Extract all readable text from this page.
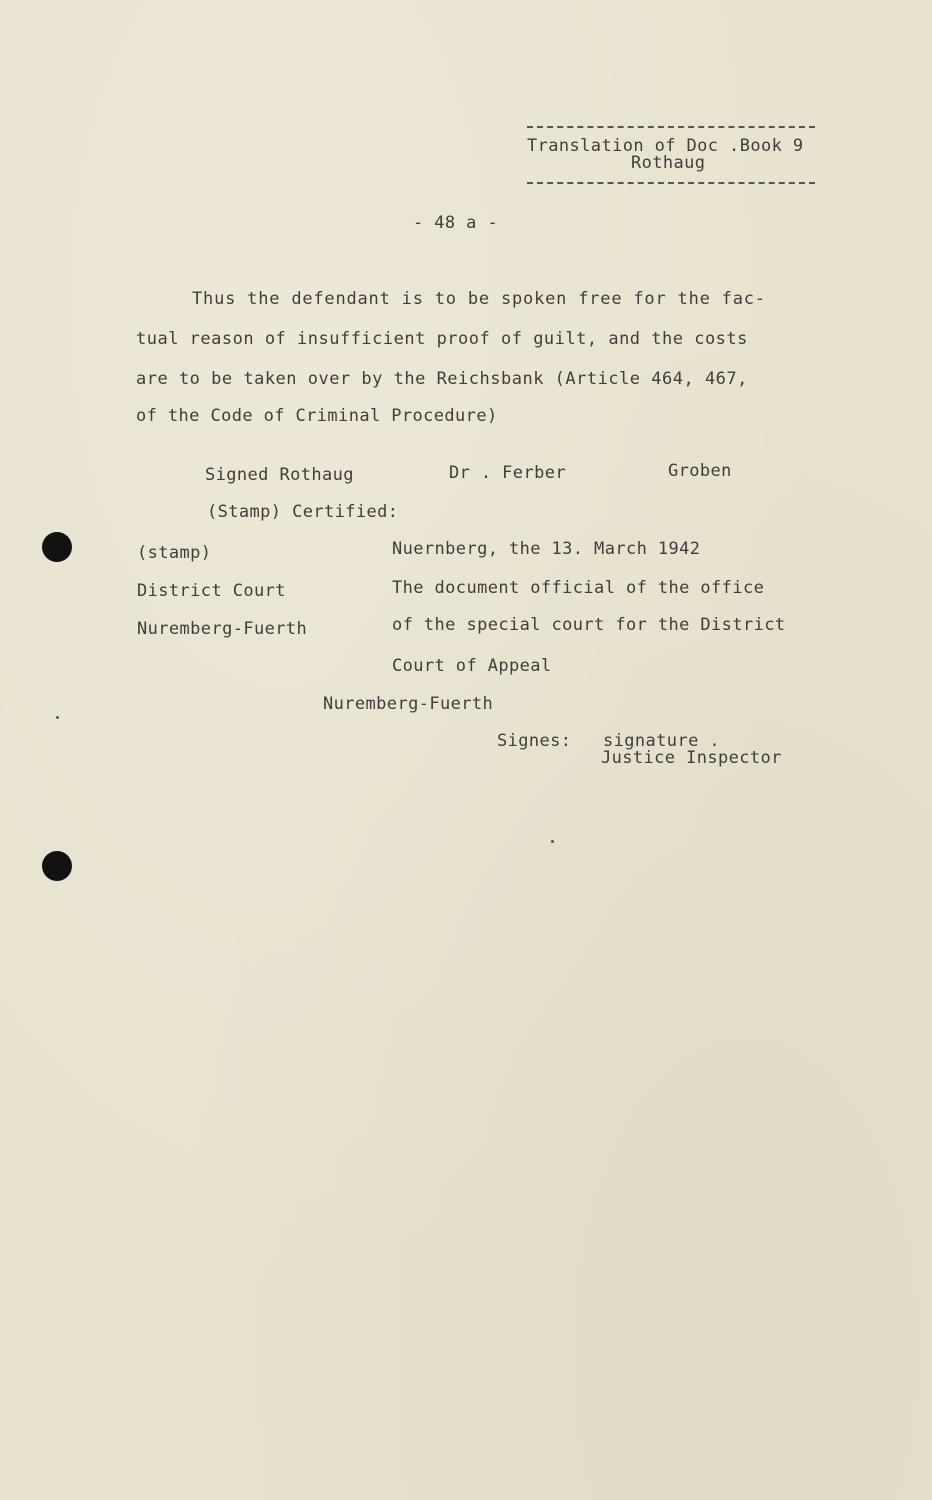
Translation of Doc .Book 9
Rothaug
- 48 a -
Thus the defendant is to be spoken free for the fac-
tual reason of insufficient proof of guilt, and the costs
are to be taken over by the Reichsbank (Article 464, 467,
of the Code of Criminal Procedure)
Signed Rothaug	Dr . Ferber	Groben
(Stamp) Certified:
(stamp)
District Court
Nuremberg-Fuerth
Nuernberg, the 13. March 1942
The document official of the office
of the special court for the District
Court of Appeal
Nuremberg-Fuerth
Signes: signature .
Justice Inspector
